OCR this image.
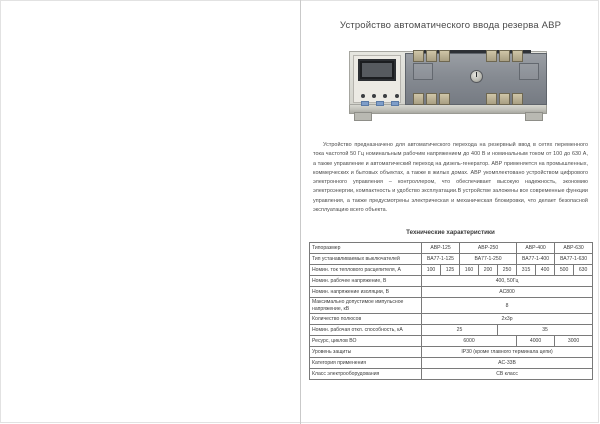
Устройство автоматического ввода резерва АВР

Устройство предназначено для автоматического перехода на резервный ввод в сетях переменного тока частотой 50 Гц номинальным рабочим напряжением до 400 В и номинальным током от 100 до 630 А, а также управление и автоматический переход на дизель-генератор. АВР применяется на промышленных, коммерческих и бытовых объектах, а также в жилых домах. АВР укомплектовано устройством цифрового электронного управления – контроллером, что обеспечивает высокую надежность, экономию электроэнергии, компактность и удобство эксплуатации.В устройстве заложены все современные функции управления, а также предусмотрены электрическая и механическая блокировки, что делает безопасной эксплуатацию всего объекта.

Технические характеристики
Типоразмер	АВР-125		АВР-250			АВР-400		АВР-630	
Тип устанавливаемых выключателей	ВА77-1-125		ВА77-1-250			ВА77-1-400		ВА77-1-630	
Номин. ток теплового расцепителя, А	100	125	160	200	250	315	400	500	630
Номин. рабочее напряжение, В	400, 50Гц								
Номин. напряжение изоляции, В	АС800								
Максимально допустимое импульсное напряжение, кВ	8								
Количество полюсов	2х3р								
Номин. рабочая откл. способность, кА	25				35				
Ресурс, циклов ВО	6000					4000		3000	
Уровень защиты	IP30 (кроме главного терминала цепи)								
Категория применения	АС-33В								
Класс электрооборудования	СВ класс								
